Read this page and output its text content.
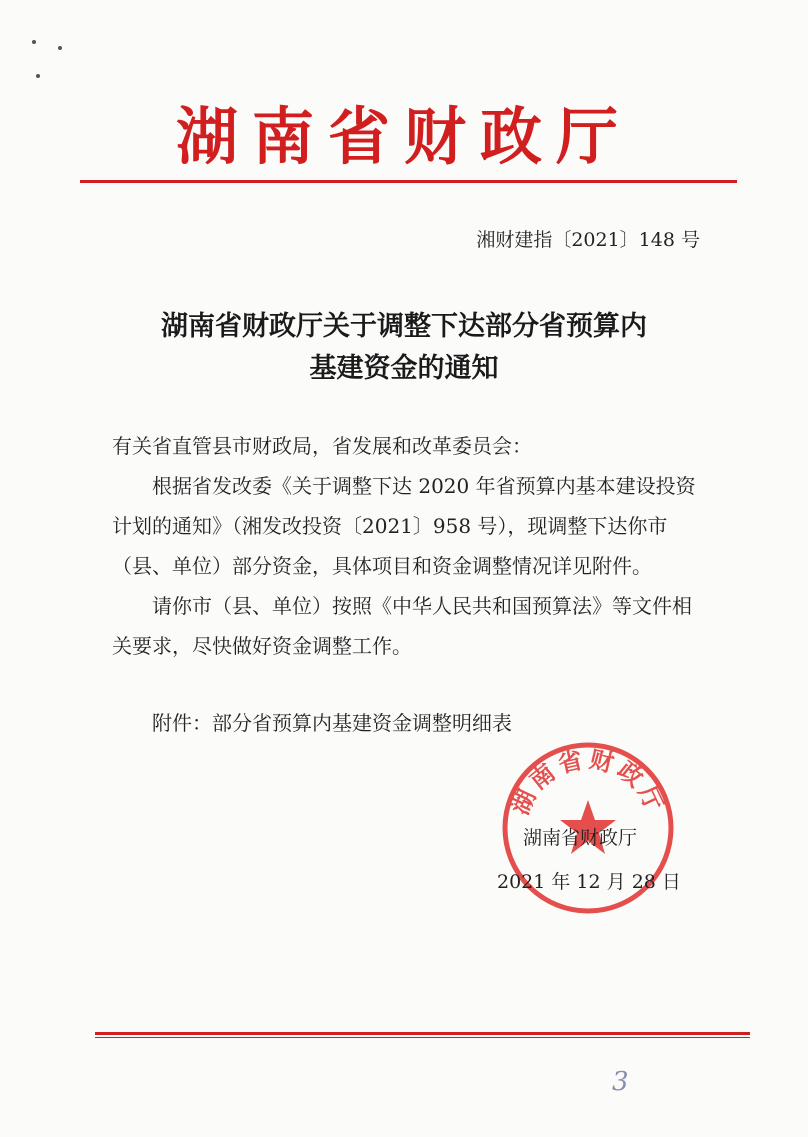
湖南省财政厅
湘财建指〔2021〕148 号
湖南省财政厅关于调整下达部分省预算内
基建资金的通知

有关省直管县市财政局，省发展和改革委员会：

根据省发改委《关于调整下达 2020 年省预算内基本建设投资计划的通知》（湘发改投资〔2021〕958 号），现调整下达你市（县、单位）部分资金，具体项目和资金调整情况详见附件。

请你市（县、单位）按照《中华人民共和国预算法》等文件相关要求，尽快做好资金调整工作。

附件：部分省预算内基建资金调整明细表
湖南省财政厅
湖南省财政厅
2021 年 12 月 28 日
3
